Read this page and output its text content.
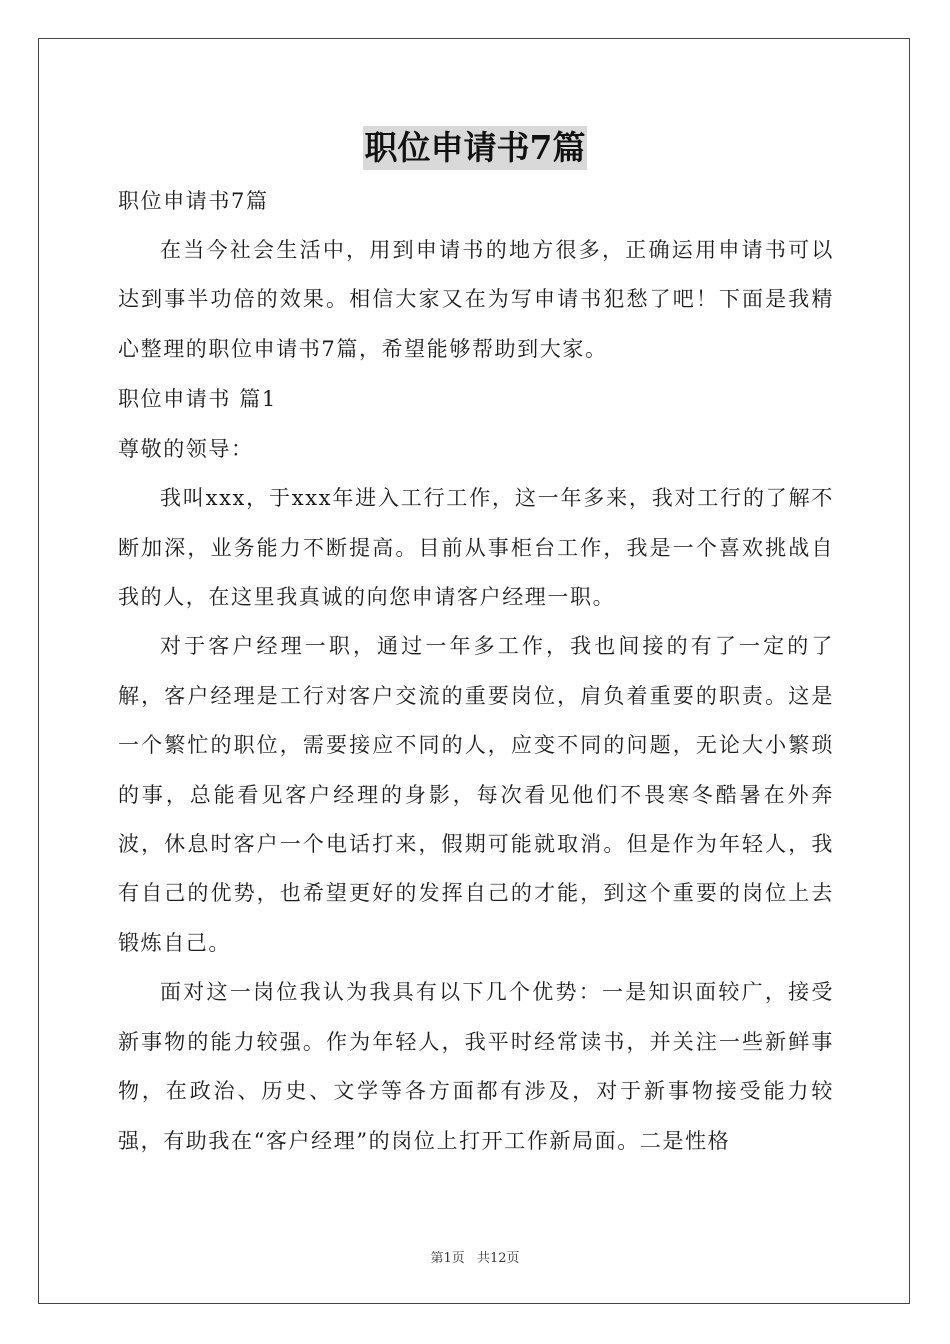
职位申请书7篇

职位申请书7篇

在当今社会生活中，用到申请书的地方很多，正确运用申请书可以达到事半功倍的效果。相信大家又在为写申请书犯愁了吧！下面是我精心整理的职位申请书7篇，希望能够帮助到大家。

职位申请书 篇1

尊敬的领导：

我叫xxx，于xxx年进入工行工作，这一年多来，我对工行的了解不断加深，业务能力不断提高。目前从事柜台工作，我是一个喜欢挑战自我的人，在这里我真诚的向您申请客户经理一职。

对于客户经理一职，通过一年多工作，我也间接的有了一定的了解，客户经理是工行对客户交流的重要岗位，肩负着重要的职责。这是一个繁忙的职位，需要接应不同的人，应变不同的问题，无论大小繁琐的事，总能看见客户经理的身影，每次看见他们不畏寒冬酷暑在外奔波，休息时客户一个电话打来，假期可能就取消。但是作为年轻人，我有自己的优势，也希望更好的发挥自己的才能，到这个重要的岗位上去锻炼自己。

面对这一岗位我认为我具有以下几个优势：一是知识面较广，接受新事物的能力较强。作为年轻人，我平时经常读书，并关注一些新鲜事物，在政治、历史、文学等各方面都有涉及，对于新事物接受能力较强，有助我在“客户经理”的岗位上打开工作新局面。二是性格

第1页 共12页
